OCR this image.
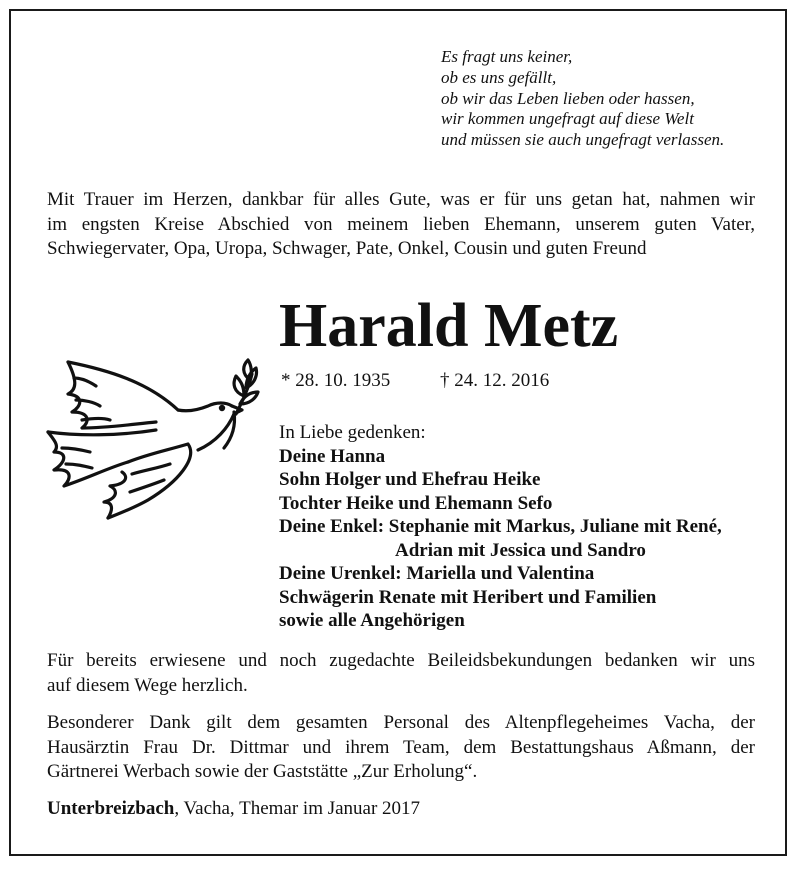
Es fragt uns keiner,
ob es uns gefällt,
ob wir das Leben lieben oder hassen,
wir kommen ungefragt auf diese Welt
und müssen sie auch ungefragt verlassen.
Mit Trauer im Herzen, dankbar für alles Gute, was er für uns getan hat, nahmen wir
im engsten Kreise Abschied von meinem lieben Ehemann, unserem guten Vater,
Schwiegervater, Opa, Uropa, Schwager, Pate, Onkel, Cousin und guten Freund
Harald Metz
* 28. 10. 1935	† 24. 12. 2016
In Liebe gedenken:
Deine Hanna
Sohn Holger und Ehefrau Heike
Tochter Heike und Ehemann Sefo
Deine Enkel: Stephanie mit Markus, Juliane mit René,
Adrian mit Jessica und Sandro
Deine Urenkel: Mariella und Valentina
Schwägerin Renate mit Heribert und Familien
sowie alle Angehörigen
Für bereits erwiesene und noch zugedachte Beileidsbekundungen bedanken wir uns
auf diesem Wege herzlich.
Besonderer Dank gilt dem gesamten Personal des Altenpflegeheimes Vacha, der
Hausärztin Frau Dr. Dittmar und ihrem Team, dem Bestattungshaus Aßmann, der
Gärtnerei Werbach sowie der Gaststätte „Zur Erholung“.
Unterbreizbach, Vacha, Themar im Januar 2017
